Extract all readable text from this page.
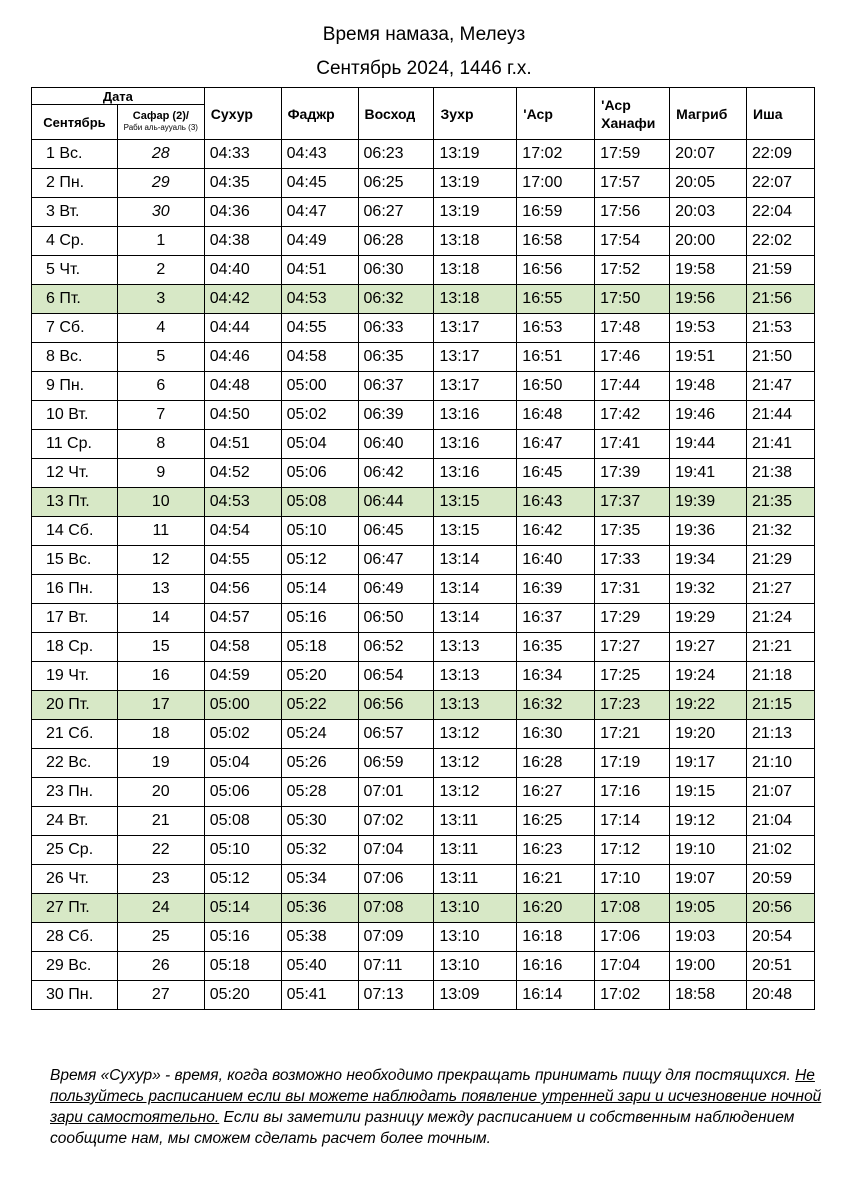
Время намаза, Мелеуз
Сентябрь 2024, 1446 г.х.
Дата		Сухур	Фаджр	Восход	Зухр	'Аср	'Аср Ханафи	Магриб	Иша
Сентябрь	Сафар (2)/
Раби аль-аууаль (3)								

1 Вс.	28	04:33	04:43	06:23	13:19	17:02	17:59	20:07	22:09
2 Пн.	29	04:35	04:45	06:25	13:19	17:00	17:57	20:05	22:07
3 Вт.	30	04:36	04:47	06:27	13:19	16:59	17:56	20:03	22:04
4 Ср.	1	04:38	04:49	06:28	13:18	16:58	17:54	20:00	22:02
5 Чт.	2	04:40	04:51	06:30	13:18	16:56	17:52	19:58	21:59
6 Пт.	3	04:42	04:53	06:32	13:18	16:55	17:50	19:56	21:56
7 Сб.	4	04:44	04:55	06:33	13:17	16:53	17:48	19:53	21:53
8 Вс.	5	04:46	04:58	06:35	13:17	16:51	17:46	19:51	21:50
9 Пн.	6	04:48	05:00	06:37	13:17	16:50	17:44	19:48	21:47
10 Вт.	7	04:50	05:02	06:39	13:16	16:48	17:42	19:46	21:44
11 Ср.	8	04:51	05:04	06:40	13:16	16:47	17:41	19:44	21:41
12 Чт.	9	04:52	05:06	06:42	13:16	16:45	17:39	19:41	21:38
13 Пт.	10	04:53	05:08	06:44	13:15	16:43	17:37	19:39	21:35
14 Сб.	11	04:54	05:10	06:45	13:15	16:42	17:35	19:36	21:32
15 Вс.	12	04:55	05:12	06:47	13:14	16:40	17:33	19:34	21:29
16 Пн.	13	04:56	05:14	06:49	13:14	16:39	17:31	19:32	21:27
17 Вт.	14	04:57	05:16	06:50	13:14	16:37	17:29	19:29	21:24
18 Ср.	15	04:58	05:18	06:52	13:13	16:35	17:27	19:27	21:21
19 Чт.	16	04:59	05:20	06:54	13:13	16:34	17:25	19:24	21:18
20 Пт.	17	05:00	05:22	06:56	13:13	16:32	17:23	19:22	21:15
21 Сб.	18	05:02	05:24	06:57	13:12	16:30	17:21	19:20	21:13
22 Вс.	19	05:04	05:26	06:59	13:12	16:28	17:19	19:17	21:10
23 Пн.	20	05:06	05:28	07:01	13:12	16:27	17:16	19:15	21:07
24 Вт.	21	05:08	05:30	07:02	13:11	16:25	17:14	19:12	21:04
25 Ср.	22	05:10	05:32	07:04	13:11	16:23	17:12	19:10	21:02
26 Чт.	23	05:12	05:34	07:06	13:11	16:21	17:10	19:07	20:59
27 Пт.	24	05:14	05:36	07:08	13:10	16:20	17:08	19:05	20:56
28 Сб.	25	05:16	05:38	07:09	13:10	16:18	17:06	19:03	20:54
29 Вс.	26	05:18	05:40	07:11	13:10	16:16	17:04	19:00	20:51
30 Пн.	27	05:20	05:41	07:13	13:09	16:14	17:02	18:58	20:48
Время «Сухур» - время, когда возможно необходимо прекращать принимать пищу для постящихся. Не пользуйтесь расписанием если вы можете наблюдать появление утренней зари и исчезновение ночной зари самостоятельно. Если вы заметили разницу между расписанием и собственным наблюдением сообщите нам, мы сможем сделать расчет более точным.
